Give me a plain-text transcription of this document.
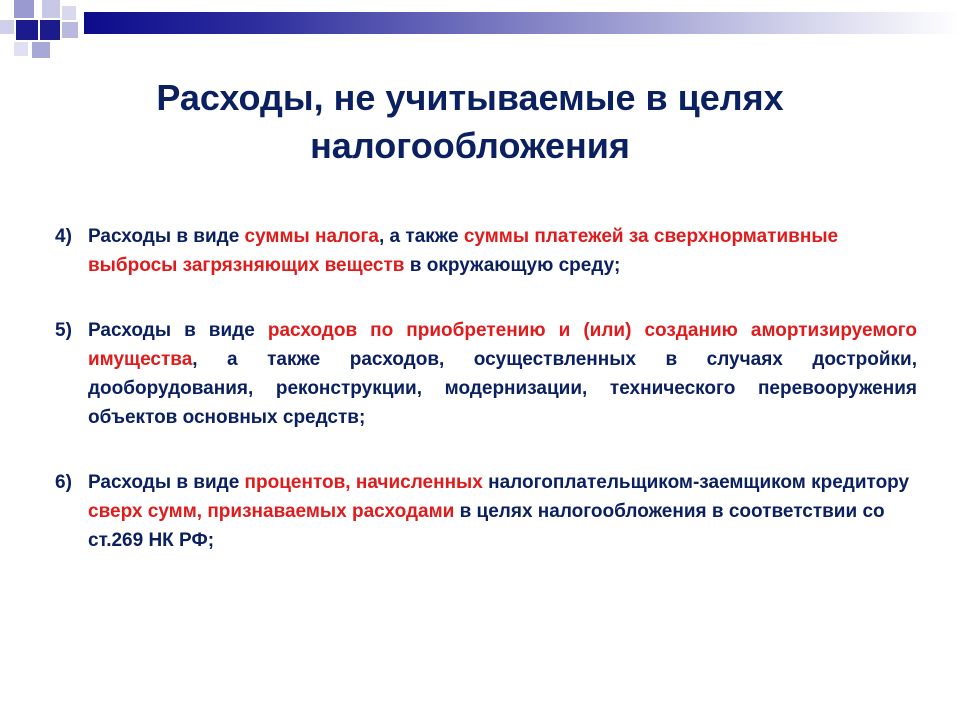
Расходы, не учитываемые в целях
налогообложения
4) Расходы в виде суммы налога, а также суммы платежей за сверхнормативные выбросы загрязняющих веществ в окружающую среду;
5) Расходы в виде расходов по приобретению и (или) созданию амортизируемого имущества, а также расходов, осуществленных в случаях достройки, дооборудования, реконструкции, модернизации, технического перевооружения объектов основных средств;
6) Расходы в виде процентов, начисленных налогоплательщиком-заемщиком кредитору сверх сумм, признаваемых расходами в целях налогообложения в соответствии со ст.269 НК РФ;
